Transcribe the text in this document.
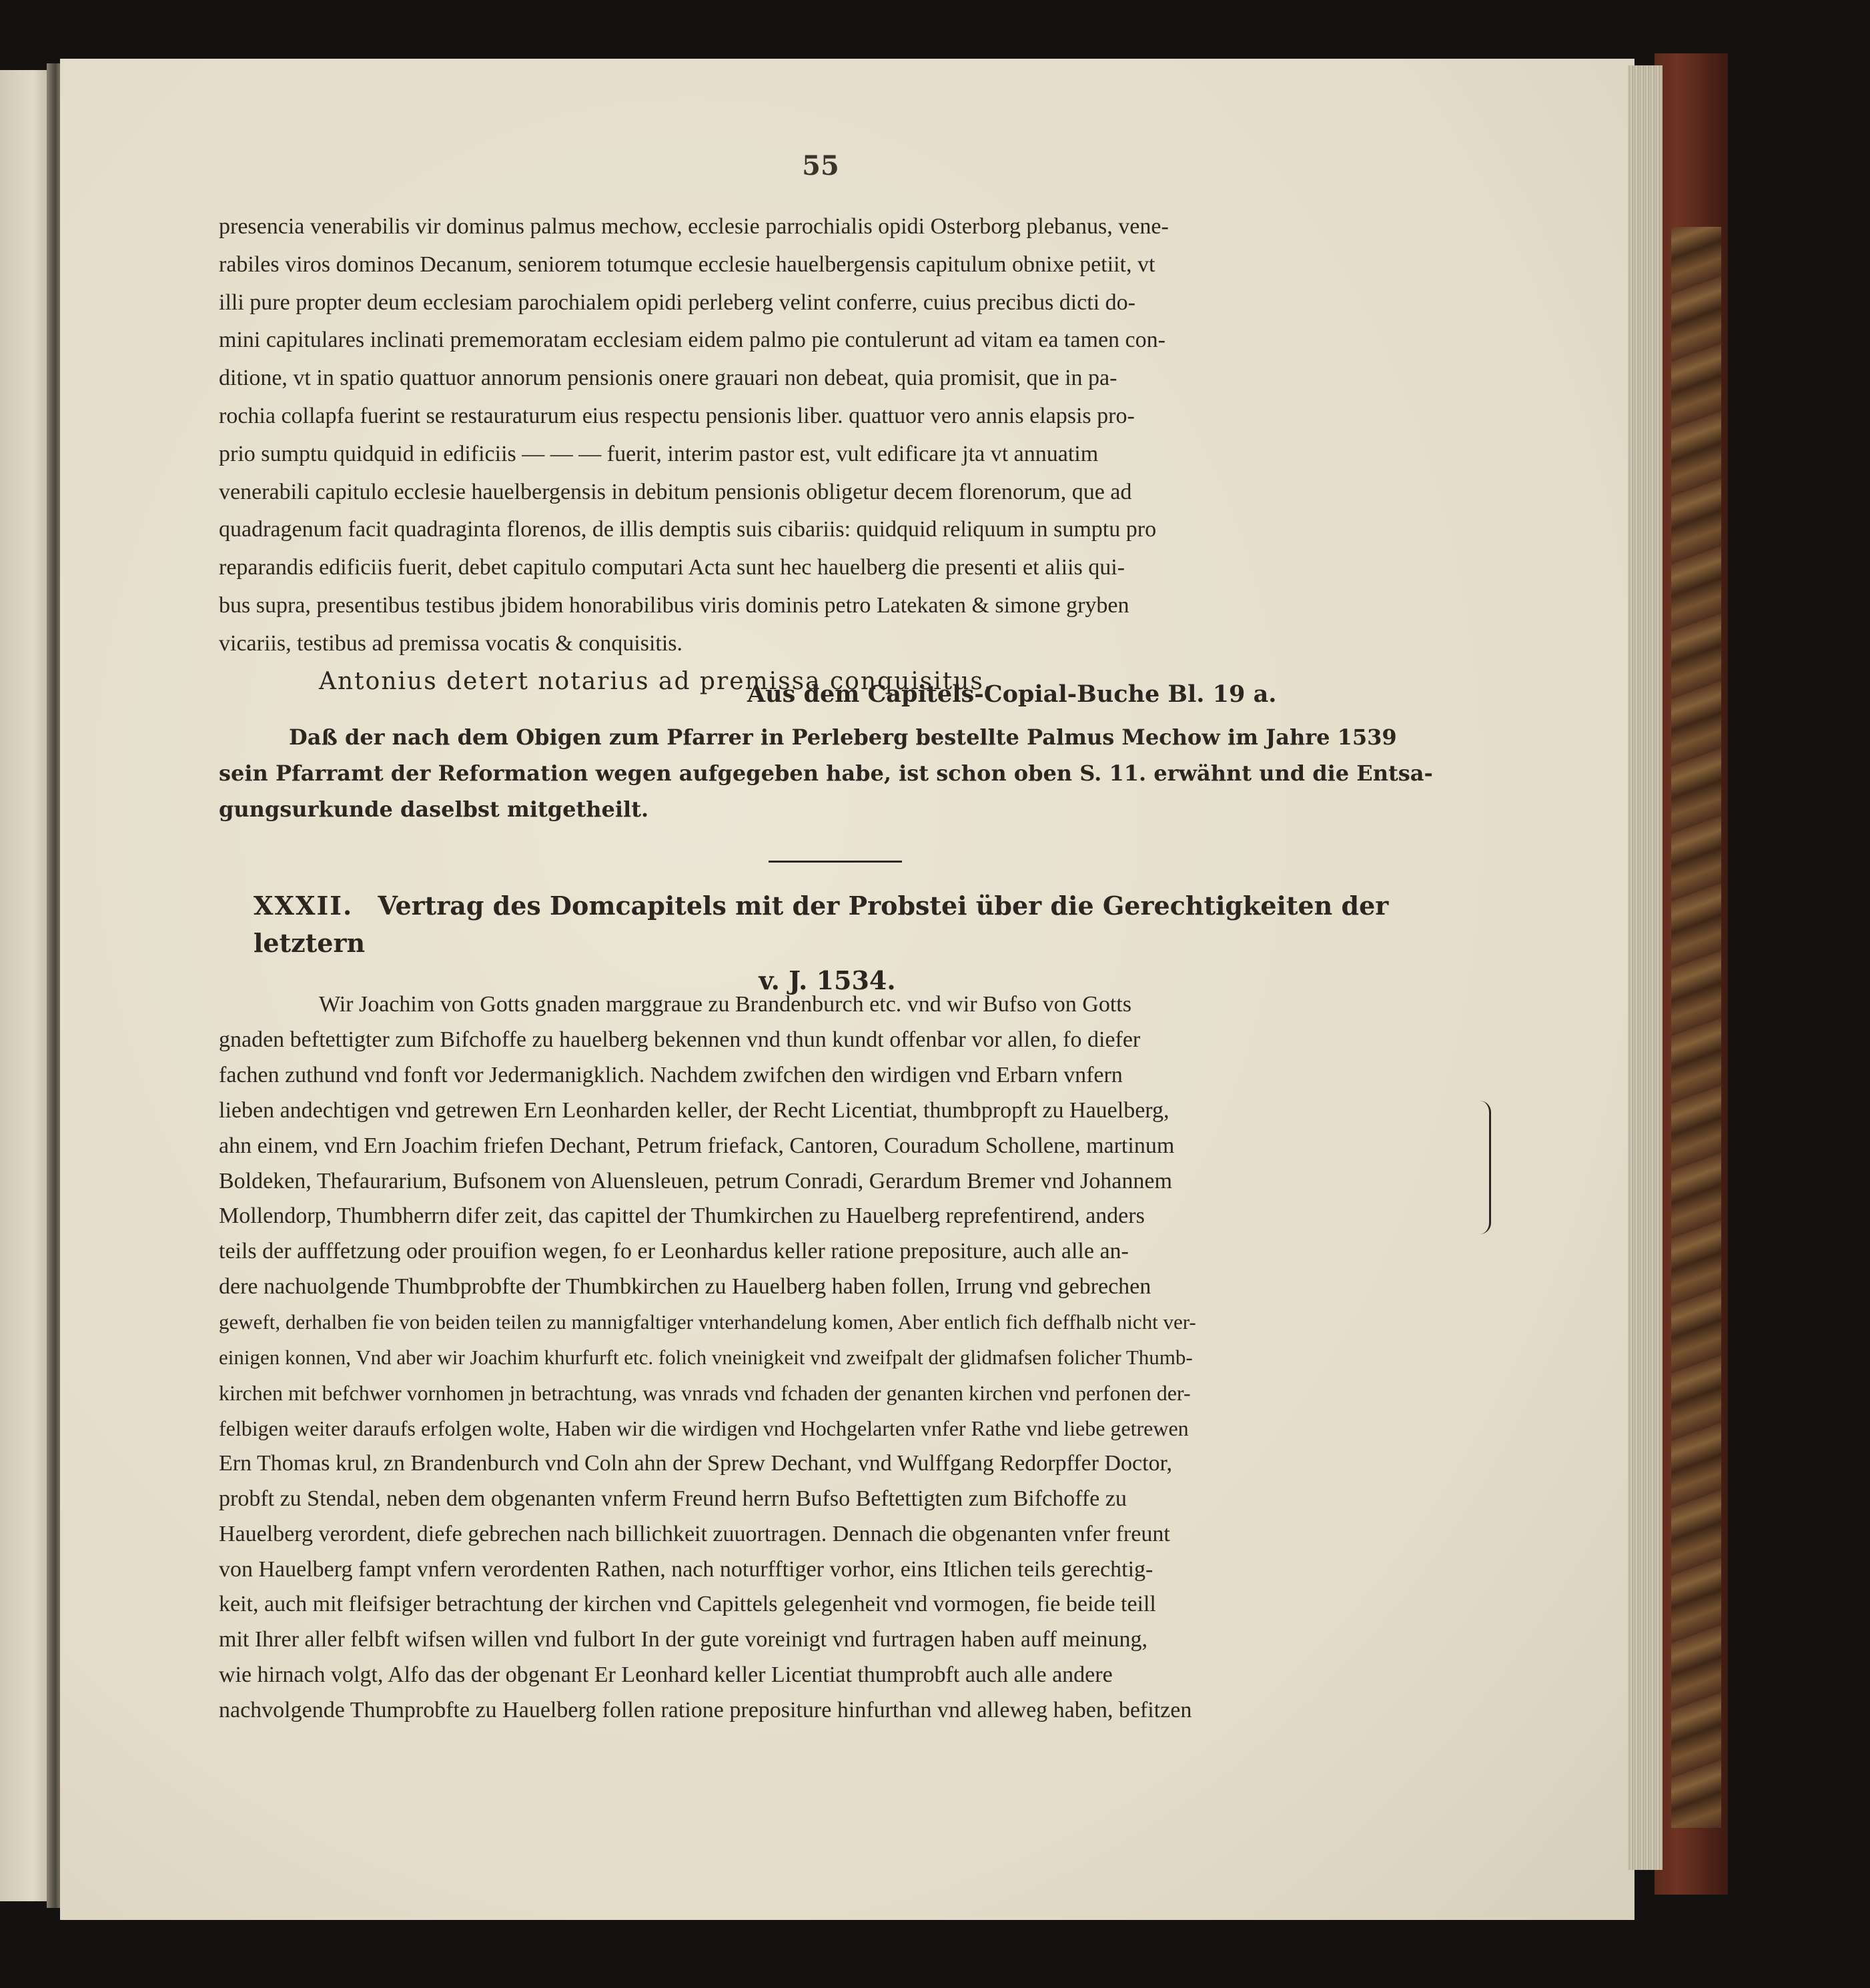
55
presencia venerabilis vir dominus palmus mechow, ecclesie parrochialis opidi Osterborg plebanus, vene-
rabiles viros dominos Decanum, seniorem totumque ecclesie hauelbergensis capitulum obnixe petiit, vt
illi pure propter deum ecclesiam parochialem opidi perleberg velint conferre, cuius precibus dicti do-
mini capitulares inclinati prememoratam ecclesiam eidem palmo pie contulerunt ad vitam ea tamen con-
ditione, vt in spatio quattuor annorum pensionis onere grauari non debeat, quia promisit, que in pa-
rochia collapfa fuerint se restauraturum eius respectu pensionis liber. quattuor vero annis elapsis pro-
prio sumptu quidquid in edificiis — — — fuerit, interim pastor est, vult edificare jta vt annuatim
venerabili capitulo ecclesie hauelbergensis in debitum pensionis obligetur decem florenorum, que ad
quadragenum facit quadraginta florenos, de illis demptis suis cibariis: quidquid reliquum in sumptu pro
reparandis edificiis fuerit, debet capitulo computari Acta sunt hec hauelberg die presenti et aliis qui-
bus supra, presentibus testibus jbidem honorabilibus viris dominis petro Latekaten & simone gryben
vicariis, testibus ad premissa vocatis & conquisitis.
Antonius detert notarius ad premissa conquisitus.
Aus dem Capitels-Copial-Buche Bl. 19 a.
Daß der nach dem Obigen zum Pfarrer in Perleberg bestellte Palmus Mechow im Jahre 1539
sein Pfarramt der Reformation wegen aufgegeben habe, ist schon oben S. 11. erwähnt und die Entsa-
gungsurkunde daselbst mitgetheilt.
XXXII. Vertrag des Domcapitels mit der Probstei über die Gerechtigkeiten der letztern
v. J. 1534.
Wir Joachim von Gotts gnaden marggraue zu Brandenburch etc. vnd wir Bufso von Gotts
gnaden beftettigter zum Bifchoffe zu hauelberg bekennen vnd thun kundt offenbar vor allen, fo diefer
fachen zuthund vnd fonft vor Jedermanigklich. Nachdem zwifchen den wirdigen vnd Erbarn vnfern
lieben andechtigen vnd getrewen Ern Leonharden keller, der Recht Licentiat, thumbpropft zu Hauelberg,
ahn einem, vnd Ern Joachim friefen Dechant, Petrum friefack, Cantoren, Couradum Schollene, martinum
Boldeken, Thefaurarium, Bufsonem von Aluensleuen, petrum Conradi, Gerardum Bremer vnd Johannem
Mollendorp, Thumbherrn difer zeit, das capittel der Thumkirchen zu Hauelberg reprefentirend, anders
teils der aufffetzung oder prouifion wegen, fo er Leonhardus keller ratione prepositure, auch alle an-
dere nachuolgende Thumbprobfte der Thumbkirchen zu Hauelberg haben follen, Irrung vnd gebrechen
geweft, derhalben fie von beiden teilen zu mannigfaltiger vnterhandelung komen, Aber entlich fich deffhalb nicht ver-
einigen konnen, Vnd aber wir Joachim khurfurft etc. folich vneinigkeit vnd zweifpalt der glidmafsen folicher Thumb-
kirchen mit befchwer vornhomen jn betrachtung, was vnrads vnd fchaden der genanten kirchen vnd perfonen der-
felbigen weiter daraufs erfolgen wolte, Haben wir die wirdigen vnd Hochgelarten vnfer Rathe vnd liebe getrewen
Ern Thomas krul, zn Brandenburch vnd Coln ahn der Sprew Dechant, vnd Wulffgang Redorpffer Doctor,
probft zu Stendal, neben dem obgenanten vnferm Freund herrn Bufso Beftettigten zum Bifchoffe zu
Hauelberg verordent, diefe gebrechen nach billichkeit zuuortragen. Dennach die obgenanten vnfer freunt
von Hauelberg fampt vnfern verordenten Rathen, nach noturfftiger vorhor, eins Itlichen teils gerechtig-
keit, auch mit fleifsiger betrachtung der kirchen vnd Capittels gelegenheit vnd vormogen, fie beide teill
mit Ihrer aller felbft wifsen willen vnd fulbort In der gute voreinigt vnd furtragen haben auff meinung,
wie hirnach volgt, Alfo das der obgenant Er Leonhard keller Licentiat thumprobft auch alle andere
nachvolgende Thumprobfte zu Hauelberg follen ratione prepositure hinfurthan vnd alleweg haben, befitzen
